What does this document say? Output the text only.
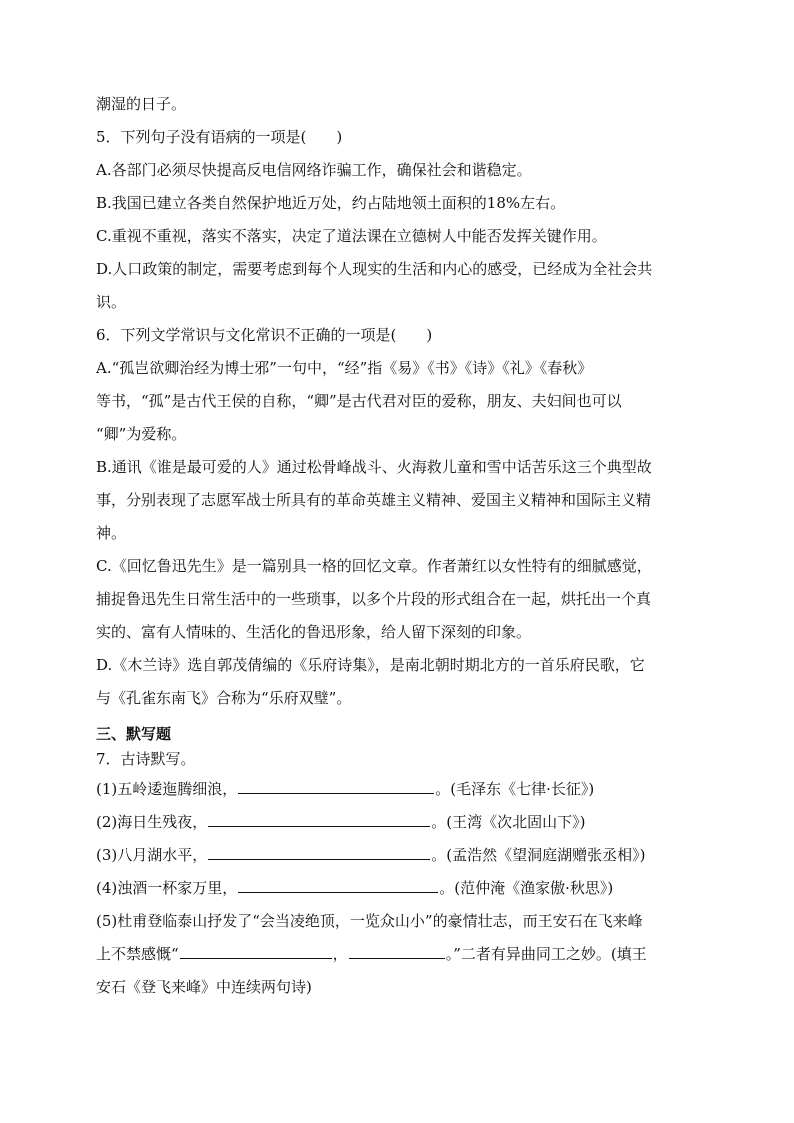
潮湿的日子。
5．下列句子没有语病的一项是(　　)
A.各部门必须尽快提高反电信网络诈骗工作，确保社会和谐稳定。
B.我国已建立各类自然保护地近万处，约占陆地领土面积的18%左右。
C.重视不重视，落实不落实，决定了道法课在立德树人中能否发挥关键作用。
D.人口政策的制定，需要考虑到每个人现实的生活和内心的感受，已经成为全社会共
识。
6．下列文学常识与文化常识不正确的一项是(　　)
A.“孤岂欲卿治经为博士邪”一句中，“经”指《易》《书》《诗》《礼》《春秋》
等书，“孤”是古代王侯的自称，“卿”是古代君对臣的爱称，朋友、夫妇间也可以
“卿”为爱称。
B.通讯《谁是最可爱的人》通过松骨峰战斗、火海救儿童和雪中话苦乐这三个典型故
事，分别表现了志愿军战士所具有的革命英雄主义精神、爱国主义精神和国际主义精
神。
C.《回忆鲁迅先生》是一篇别具一格的回忆文章。作者萧红以女性特有的细腻感觉，
捕捉鲁迅先生日常生活中的一些琐事，以多个片段的形式组合在一起，烘托出一个真
实的、富有人情味的、生活化的鲁迅形象，给人留下深刻的印象。
D.《木兰诗》选自郭茂倩编的《乐府诗集》，是南北朝时期北方的一首乐府民歌，它
与《孔雀东南飞》合称为“乐府双璧”。
三、默写题
7．古诗默写。
(1)五岭逶迤腾细浪，	。(毛泽东《七律·长征》)
(2)海日生残夜，	。(王湾《次北固山下》)
(3)八月湖水平，	。(孟浩然《望洞庭湖赠张丞相》)
(4)浊酒一杯家万里，	。(范仲淹《渔家傲·秋思》)
(5)杜甫登临泰山抒发了“会当凌绝顶，一览众山小”的豪情壮志，而王安石在飞来峰
上不禁感慨“	，	。”二者有异曲同工之妙。(填王
安石《登飞来峰》中连续两句诗)
